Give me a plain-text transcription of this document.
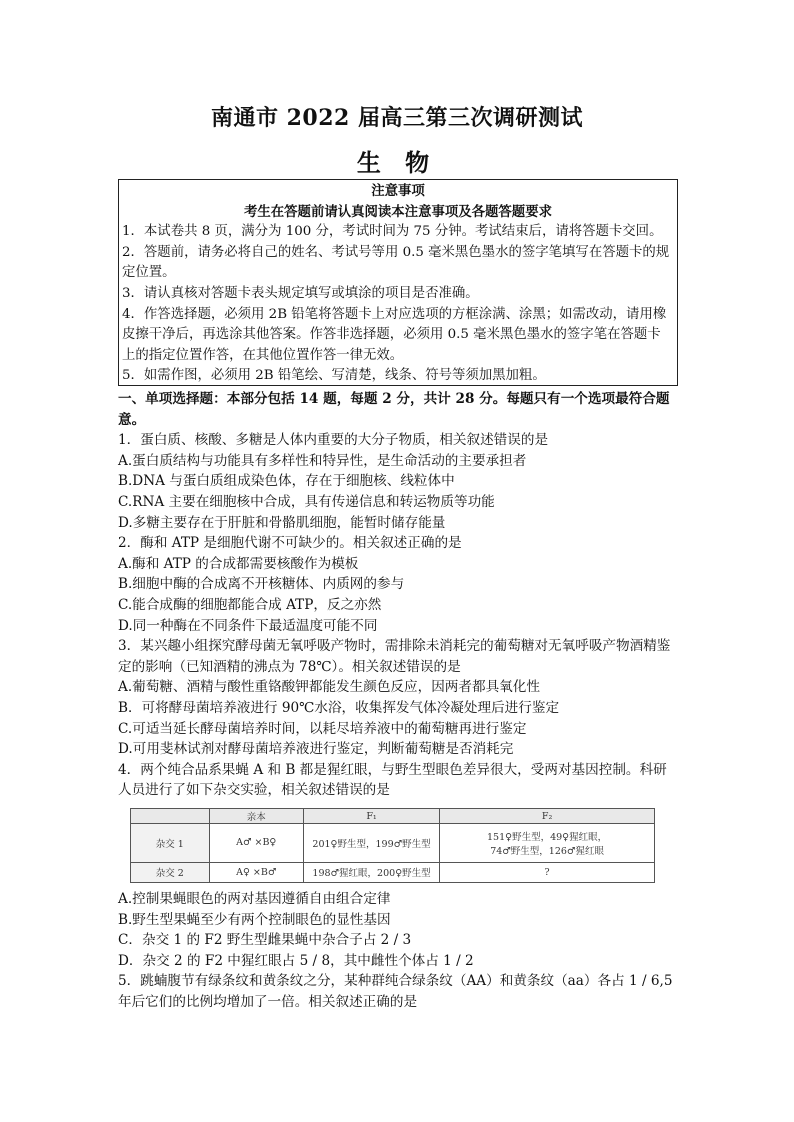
南通市 2022 届高三第三次调研测试
生 物

注意事项

考生在答题前请认真阅读本注意事项及各题答题要求

1．本试卷共 8 页，满分为 100 分，考试时间为 75 分钟。考试结束后，请将答题卡交回。

2．答题前，请务必将自己的姓名、考试号等用 0.5 毫米黑色墨水的签字笔填写在答题卡的规定位置。

3．请认真核对答题卡表头规定填写或填涂的项目是否准确。

4．作答选择题，必须用 2B 铅笔将答题卡上对应选项的方框涂满、涂黑；如需改动，请用橡皮擦干净后，再选涂其他答案。作答非选择题，必须用 0.5 毫米黑色墨水的签字笔在答题卡上的指定位置作答，在其他位置作答一律无效。

5．如需作图，必须用 2B 铅笔绘、写清楚，线条、符号等须加黑加粗。

一、单项选择题：本部分包括 14 题，每题 2 分，共计 28 分。每题只有一个选项最符合题意。

1．蛋白质、核酸、多糖是人体内重要的大分子物质，相关叙述错误的是

A.蛋白质结构与功能具有多样性和特异性，是生命活动的主要承担者

B.DNA 与蛋白质组成染色体，存在于细胞核、线粒体中

C.RNA 主要在细胞核中合成，具有传递信息和转运物质等功能

D.多糖主要存在于肝脏和骨骼肌细胞，能暂时储存能量

2．酶和 ATP 是细胞代谢不可缺少的。相关叙述正确的是

A.酶和 ATP 的合成都需要核酸作为模板

B.细胞中酶的合成离不开核糖体、内质网的参与

C.能合成酶的细胞都能合成 ATP，反之亦然

D.同一种酶在不同条件下最适温度可能不同

3．某兴趣小组探究酵母菌无氧呼吸产物时，需排除未消耗完的葡萄糖对无氧呼吸产物酒精鉴定的影响（已知酒精的沸点为 78℃）。相关叙述错误的是

A.葡萄糖、酒精与酸性重铬酸钾都能发生颜色反应，因两者都具氧化性

B．可将酵母菌培养液进行 90℃水浴，收集挥发气体冷凝处理后进行鉴定

C.可适当延长酵母菌培养时间，以耗尽培养液中的葡萄糖再进行鉴定

D.可用斐林试剂对酵母菌培养液进行鉴定，判断葡萄糖是否消耗完

4．两个纯合品系果蝇 A 和 B 都是猩红眼，与野生型眼色差异很大，受两对基因控制。科研人员进行了如下杂交实验，相关叙述错误的是

	亲本	F₁	F₂
杂交 1	A♂ ×B♀	201♀野生型，199♂野生型	151♀野生型，49♀猩红眼，
74♂野生型，126♂猩红眼

杂交 2	A♀ ×B♂	198♂猩红眼，200♀野生型	?

A.控制果蝇眼色的两对基因遵循自由组合定律

B.野生型果蝇至少有两个控制眼色的显性基因

C．杂交 1 的 F2 野生型雌果蝇中杂合子占 2 / 3

D．杂交 2 的 F2 中猩红眼占 5 / 8，其中雌性个体占 1 / 2

5．跳蝻腹节有绿条纹和黄条纹之分，某种群纯合绿条纹（AA）和黄条纹（aa）各占 1 / 6,5 年后它们的比例均增加了一倍。相关叙述正确的是
